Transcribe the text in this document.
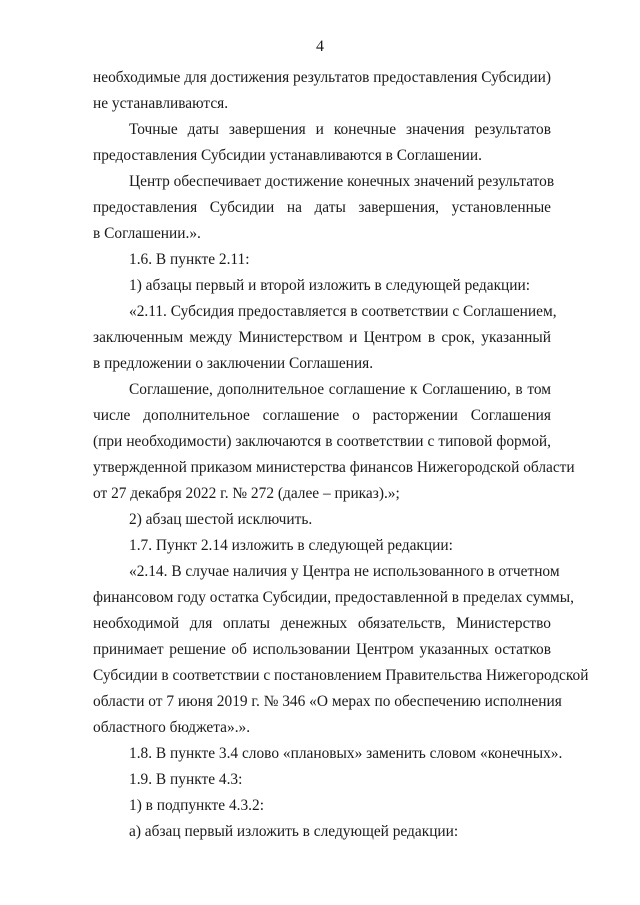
4
необходимые для достижения результатов предоставления Субсидии)
не устанавливаются.
Точные даты завершения и конечные значения результатов
предоставления Субсидии устанавливаются в Соглашении.
Центр обеспечивает достижение конечных значений результатов
предоставления Субсидии на даты завершения, установленные
в Соглашении.».
1.6. В пункте 2.11:
1) абзацы первый и второй изложить в следующей редакции:
«2.11. Субсидия предоставляется в соответствии с Соглашением,
заключенным между Министерством и Центром в срок, указанный
в предложении о заключении Соглашения.
Соглашение, дополнительное соглашение к Соглашению, в том
числе дополнительное соглашение о расторжении Соглашения
(при необходимости) заключаются в соответствии с типовой формой,
утвержденной приказом министерства финансов Нижегородской области
от 27 декабря 2022 г. № 272 (далее – приказ).»;
2) абзац шестой исключить.
1.7. Пункт 2.14 изложить в следующей редакции:
«2.14. В случае наличия у Центра не использованного в отчетном
финансовом году остатка Субсидии, предоставленной в пределах суммы,
необходимой для оплаты денежных обязательств, Министерство
принимает решение об использовании Центром указанных остатков
Субсидии в соответствии с постановлением Правительства Нижегородской
области от 7 июня 2019 г. № 346 «О мерах по обеспечению исполнения
областного бюджета».».
1.8. В пункте 3.4 слово «плановых» заменить словом «конечных».
1.9. В пункте 4.3:
1) в подпункте 4.3.2:
а) абзац первый изложить в следующей редакции:
